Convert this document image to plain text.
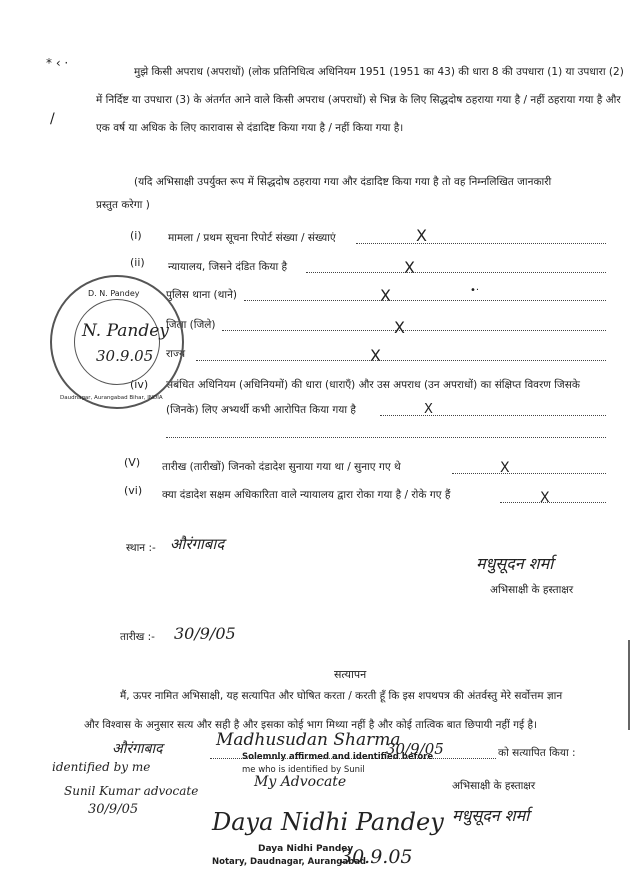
* ‹ ·
/
मुझे किसी अपराध (अपराधों) (लोक प्रतिनिधित्व अधिनियम 1951 (1951 का 43) की धारा 8 की उपधारा (1) या उपधारा (2) में निर्दिष्ट या उपधारा (3) के अंतर्गत आने वाले किसी अपराध (अपराधों) से भिन्न के लिए सिद्धदोष ठहराया गया है / नहीं ठहराया गया है और एक वर्ष या अधिक के लिए कारावास से दंडादिष्ट किया गया है / नहीं किया गया है।
(यदि अभिसाक्षी उपर्युक्त रूप में सिद्धदोष ठहराया गया और दंडादिष्ट किया गया है तो वह निम्नलिखित जानकारी
प्रस्तुत करेगा )
(i)	मामला / प्रथम सूचना रिपोर्ट संख्या / संख्याएं	X
(ii) न्यायालय, जिसने दंडित किया है	X
पुलिस थाना (थाने)	X	•·
जिला (जिले)	X
राज्य	X
(iv) संबंधित अधिनियम (अधिनियमों) की धारा (धाराएँ) और उस अपराध (उन अपराधों) का संक्षिप्त विवरण जिसके
(जिनके) लिए अभ्यर्थी कभी आरोपित किया गया है	X
(V) तारीख (तारीखों) जिनको दंडादेश सुनाया गया था / सुनाए गए थे	X
(vi) क्या दंडादेश सक्षम अधिकारिता वाले न्यायालय द्वारा रोका गया है / रोके गए हैं	X
स्थान :- औरंगाबाद
मधुसूदन शर्मा
अभिसाक्षी के हस्ताक्षर
तारीख :- 30/9/05
सत्यापन
मैं, ऊपर नामित अभिसाक्षी, यह सत्यापित और घोषित करता / करती हूँ कि इस शपथपत्र की अंतर्वस्तु मेरे सर्वोत्तम ज्ञान
और विश्वास के अनुसार सत्य और सही है और इसका कोई भाग मिथ्या नहीं है और कोई तात्विक बात छिपायी नहीं गई है।
औरंगाबाद	Madhusudan Sharma
30/9/05	को सत्यापित किया :
Solemnly affirmed and identified before
me who is identified by Sunil
My Advocate	अभिसाक्षी के हस्ताक्षर
मधुसूदन शर्मा
identified by me
Sunil Kumar advocate
30/9/05	Daya Nidhi Pandey
Daya Nidhi Pandey
Notary, Daudnagar, Aurangabad
30.9.05
D. N. Pandey
N. Pandey
30.9.05
Daudnagar, Aurangabad Bihar, INDIA
